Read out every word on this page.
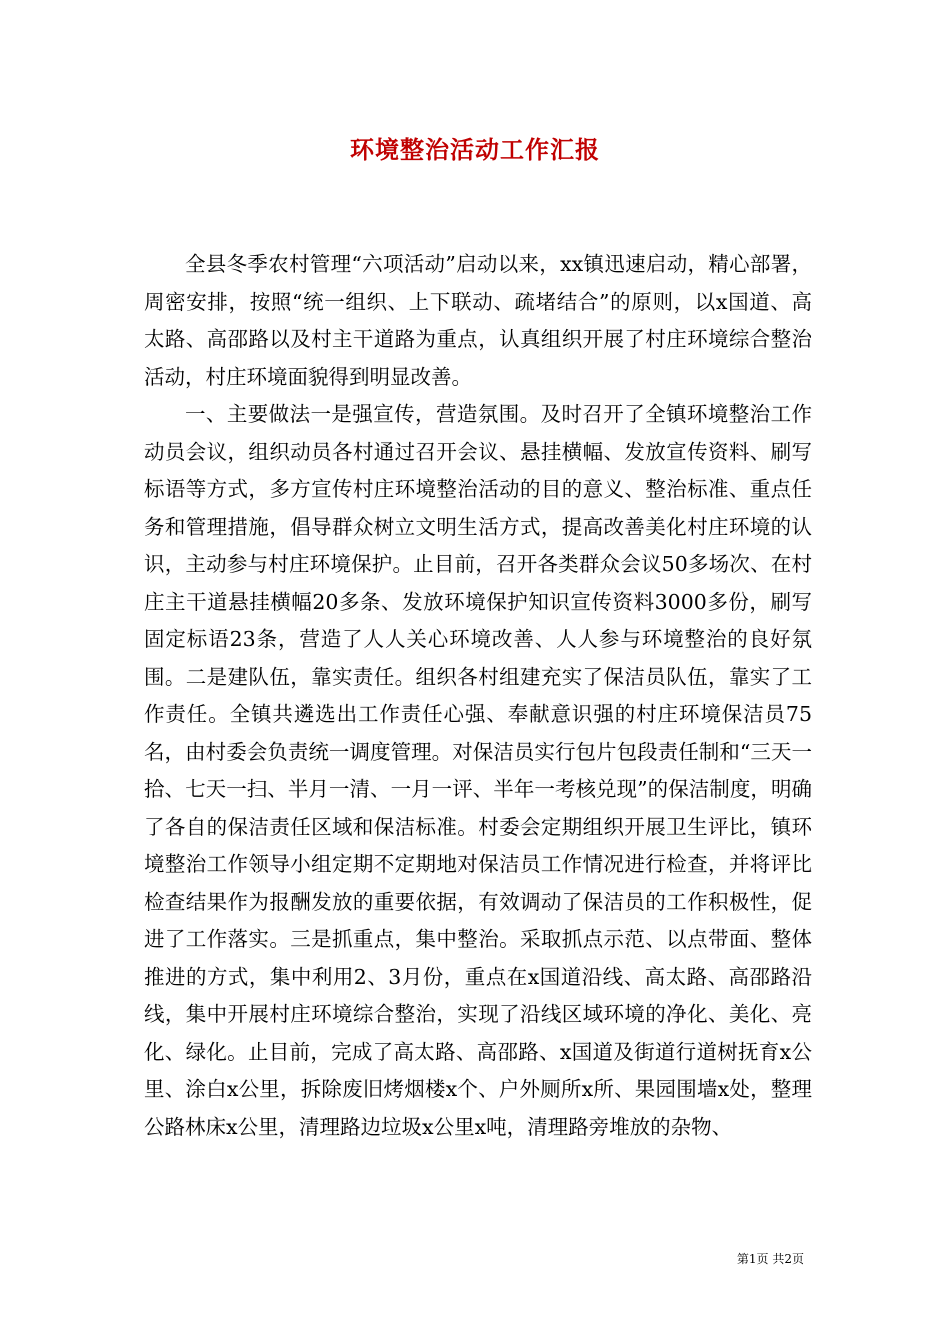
环境整治活动工作汇报

全县冬季农村管理“六项活动”启动以来，xx镇迅速启动，精心部署，周密安排，按照“统一组织、上下联动、疏堵结合”的原则，以x国道、高太路、高邵路以及村主干道路为重点，认真组织开展了村庄环境综合整治活动，村庄环境面貌得到明显改善。

一、主要做法一是强宣传，营造氛围。及时召开了全镇环境整治工作动员会议，组织动员各村通过召开会议、悬挂横幅、发放宣传资料、刷写标语等方式，多方宣传村庄环境整治活动的目的意义、整治标准、重点任务和管理措施，倡导群众树立文明生活方式，提高改善美化村庄环境的认识，主动参与村庄环境保护。止目前，召开各类群众会议50多场次、在村庄主干道悬挂横幅20多条、发放环境保护知识宣传资料3000多份，刷写固定标语23条，营造了人人关心环境改善、人人参与环境整治的良好氛围。二是建队伍，靠实责任。组织各村组建充实了保洁员队伍，靠实了工作责任。全镇共遴选出工作责任心强、奉献意识强的村庄环境保洁员75名，由村委会负责统一调度管理。对保洁员实行包片包段责任制和“三天一拾、七天一扫、半月一清、一月一评、半年一考核兑现”的保洁制度，明确了各自的保洁责任区域和保洁标准。村委会定期组织开展卫生评比，镇环境整治工作领导小组定期不定期地对保洁员工作情况进行检查，并将评比检查结果作为报酬发放的重要依据，有效调动了保洁员的工作积极性，促进了工作落实。三是抓重点，集中整治。采取抓点示范、以点带面、整体推进的方式，集中利用2、3月份，重点在x国道沿线、高太路、高邵路沿线，集中开展村庄环境综合整治，实现了沿线区域环境的净化、美化、亮化、绿化。止目前，完成了高太路、高邵路、x国道及街道行道树抚育x公里、涂白x公里，拆除废旧烤烟楼x个、户外厕所x所、果园围墙x处，整理公路林床x公里，清理路边垃圾x公里x吨，清理路旁堆放的杂物、

第1页 共2页
